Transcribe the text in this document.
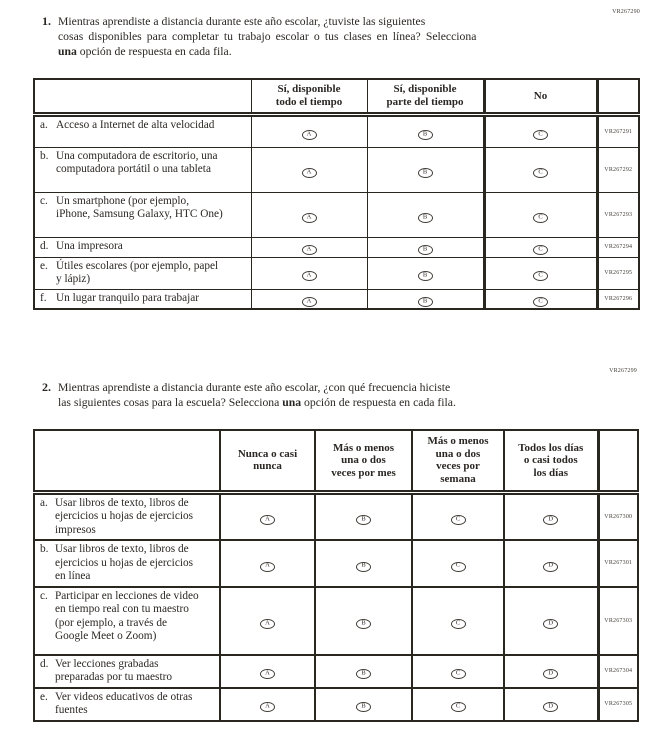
VR267290
1. Mientras aprendiste a distancia durante este año escolar, ¿tuviste las siguientes
cosas disponibles para completar tu trabajo escolar o tus clases en línea? Selecciona
una opción de respuesta en cada fila.

Sí, disponible
todo el tiempo

Sí, disponible
parte del tiempo

No

a. Acceso a Internet de alta velocidad	A	B	C	VR267291
b. Una computadora de escritorio, una computadora portátil o una tableta	A	B	C	VR267292
c. Un smartphone (por ejemplo, iPhone, Samsung Galaxy, HTC One)	A	B	C	VR267293
d. Una impresora	A	B	C	VR267294
e. Útiles escolares (por ejemplo, papel y lápiz)	A	B	C	VR267295
f. Un lugar tranquilo para trabajar	A	B	C	VR267296
VR267299
2. Mientras aprendiste a distancia durante este año escolar, ¿con qué frecuencia hiciste
las siguientes cosas para la escuela? Selecciona una opción de respuesta en cada fila.

Nunca o casi
nunca

Más o menos
una o dos
veces por mes

Más o menos
una o dos
veces por
semana

Todos los días
o casi todos
los días

a. Usar libros de texto, libros de ejercicios u hojas de ejercicios impresos	A	B	C	D	VR267300
b. Usar libros de texto, libros de ejercicios u hojas de ejercicios en línea	A	B	C	D	VR267301
c. Participar en lecciones de video en tiempo real con tu maestro (por ejemplo, a través de Google Meet o Zoom)	A	B	C	D	VR267303
d. Ver lecciones grabadas preparadas por tu maestro	A	B	C	D	VR267304
e. Ver videos educativos de otras fuentes	A	B	C	D	VR267305
